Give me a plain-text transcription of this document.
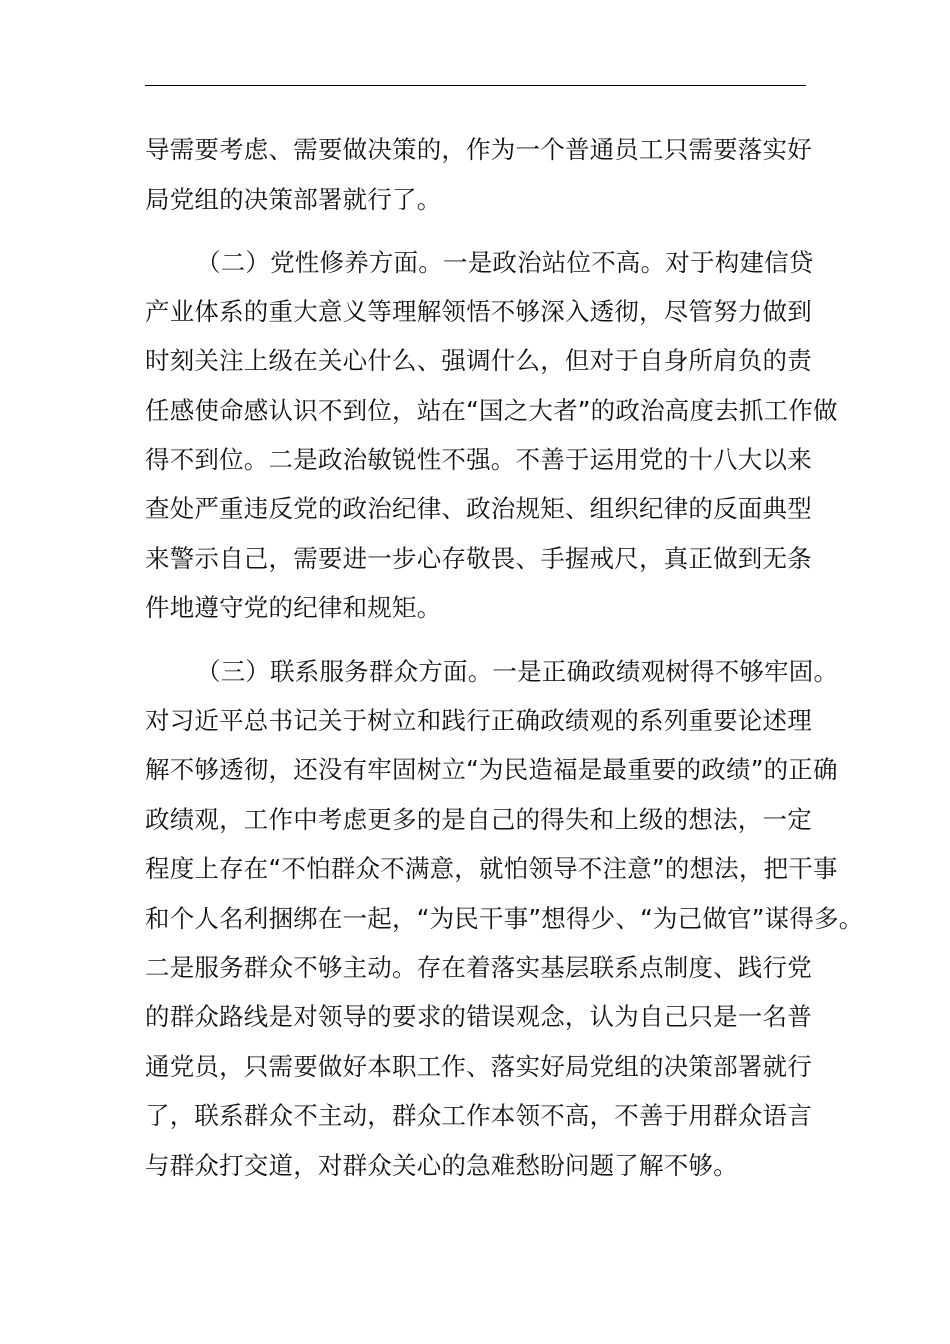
导需要考虑、需要做决策的，作为一个普通员工只需要落实好
局党组的决策部署就行了。
（二）党性修养方面。一是政治站位不高。对于构建信贷
产业体系的重大意义等理解领悟不够深入透彻，尽管努力做到
时刻关注上级在关心什么、强调什么，但对于自身所肩负的责
任感使命感认识不到位，站在“国之大者”的政治高度去抓工作做
得不到位。二是政治敏锐性不强。不善于运用党的十八大以来
查处严重违反党的政治纪律、政治规矩、组织纪律的反面典型
来警示自己，需要进一步心存敬畏、手握戒尺，真正做到无条
件地遵守党的纪律和规矩。
（三）联系服务群众方面。一是正确政绩观树得不够牢固。
对习近平总书记关于树立和践行正确政绩观的系列重要论述理
解不够透彻，还没有牢固树立“为民造福是最重要的政绩”的正确
政绩观，工作中考虑更多的是自己的得失和上级的想法，一定
程度上存在“不怕群众不满意，就怕领导不注意”的想法，把干事
和个人名利捆绑在一起，“为民干事”想得少、“为己做官”谋得多。
二是服务群众不够主动。存在着落实基层联系点制度、践行党
的群众路线是对领导的要求的错误观念，认为自己只是一名普
通党员，只需要做好本职工作、落实好局党组的决策部署就行
了，联系群众不主动，群众工作本领不高，不善于用群众语言
与群众打交道，对群众关心的急难愁盼问题了解不够。
